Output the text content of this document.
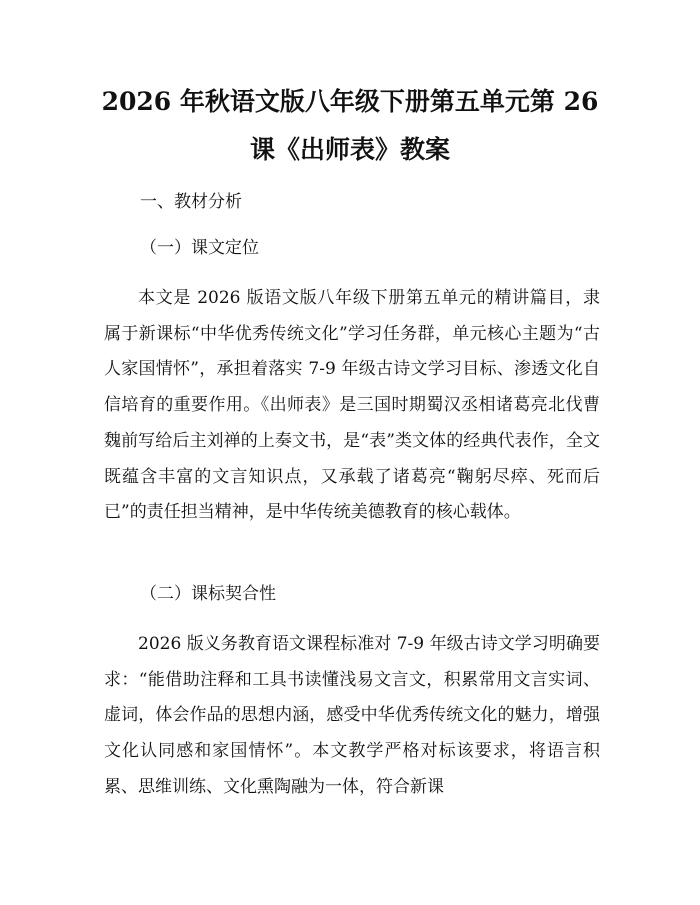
2026 年秋语文版八年级下册第五单元第 26
课《出师表》教案
一、教材分析
（一）课文定位

本文是 2026 版语文版八年级下册第五单元的精讲篇目，隶属于新课标“中华优秀传统文化”学习任务群，单元核心主题为“古人家国情怀”，承担着落实 7-9 年级古诗文学习目标、渗透文化自信培育的重要作用。《出师表》是三国时期蜀汉丞相诸葛亮北伐曹魏前写给后主刘禅的上奏文书，是“表”类文体的经典代表作，全文既蕴含丰富的文言知识点，又承载了诸葛亮“鞠躬尽瘁、死而后已”的责任担当精神，是中华传统美德教育的核心载体。

（二）课标契合性

2026 版义务教育语文课程标准对 7-9 年级古诗文学习明确要求：“能借助注释和工具书读懂浅易文言文，积累常用文言实词、虚词，体会作品的思想内涵，感受中华优秀传统文化的魅力，增强文化认同感和家国情怀”。本文教学严格对标该要求，将语言积累、思维训练、文化熏陶融为一体，符合新课
